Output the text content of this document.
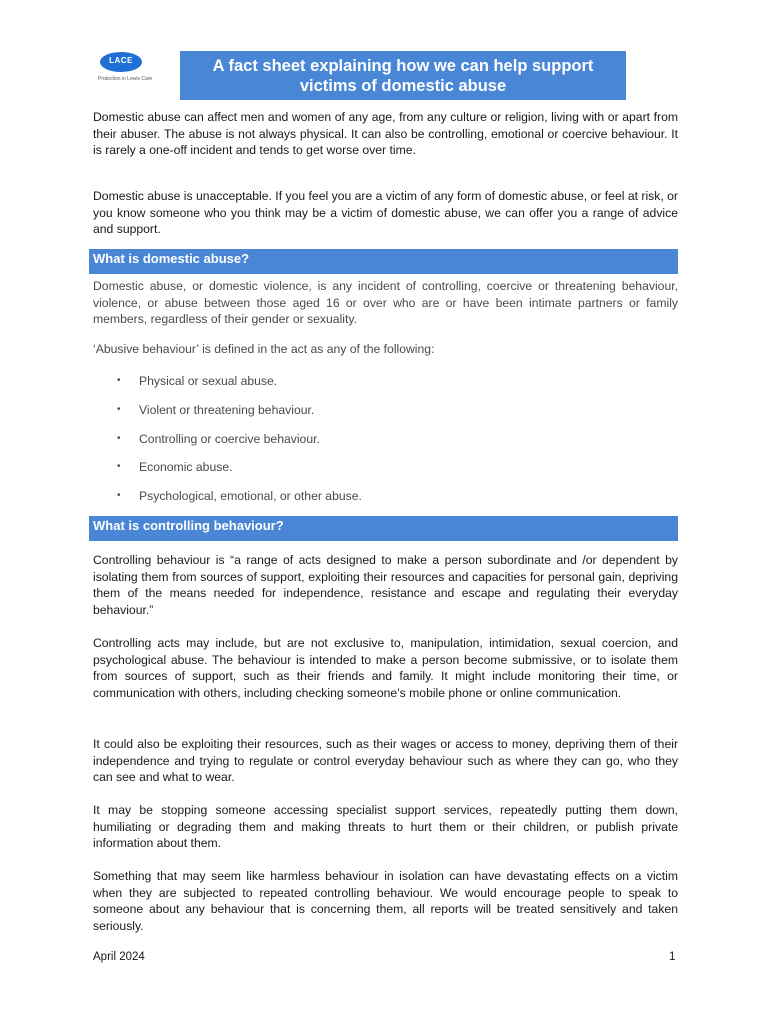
LACE
Protection in Lewis Care
A fact sheet explaining how we can help support
victims of domestic abuse

Domestic abuse can affect men and women of any age, from any culture or religion, living with or apart from their abuser. The abuse is not always physical. It can also be controlling, emotional or coercive behaviour. It is rarely a one-off incident and tends to get worse over time.

Domestic abuse is unacceptable. If you feel you are a victim of any form of domestic abuse, or feel at risk, or you know someone who you think may be a victim of domestic abuse, we can offer you a range of advice and support.

What is domestic abuse?

Domestic abuse, or domestic violence, is any incident of controlling, coercive or threatening behaviour, violence, or abuse between those aged 16 or over who are or have been intimate partners or family members, regardless of their gender or sexuality.

‘Abusive behaviour’ is defined in the act as any of the following:

• Physical or sexual abuse.
• Violent or threatening behaviour.
• Controlling or coercive behaviour.
• Economic abuse.
• Psychological, emotional, or other abuse.
What is controlling behaviour?

Controlling behaviour is “a range of acts designed to make a person subordinate and /or dependent by isolating them from sources of support, exploiting their resources and capacities for personal gain, depriving them of the means needed for independence, resistance and escape and regulating their everyday behaviour.”

Controlling acts may include, but are not exclusive to, manipulation, intimidation, sexual coercion, and psychological abuse. The behaviour is intended to make a person become submissive, or to isolate them from sources of support, such as their friends and family. It might include monitoring their time, or communication with others, including checking someone’s mobile phone or online communication.

It could also be exploiting their resources, such as their wages or access to money, depriving them of their independence and trying to regulate or control everyday behaviour such as where they can go, who they can see and what to wear.

It may be stopping someone accessing specialist support services, repeatedly putting them down, humiliating or degrading them and making threats to hurt them or their children, or publish private information about them.

Something that may seem like harmless behaviour in isolation can have devastating effects on a victim when they are subjected to repeated controlling behaviour. We would encourage people to speak to someone about any behaviour that is concerning them, all reports will be treated sensitively and taken seriously.

April 2024	1
